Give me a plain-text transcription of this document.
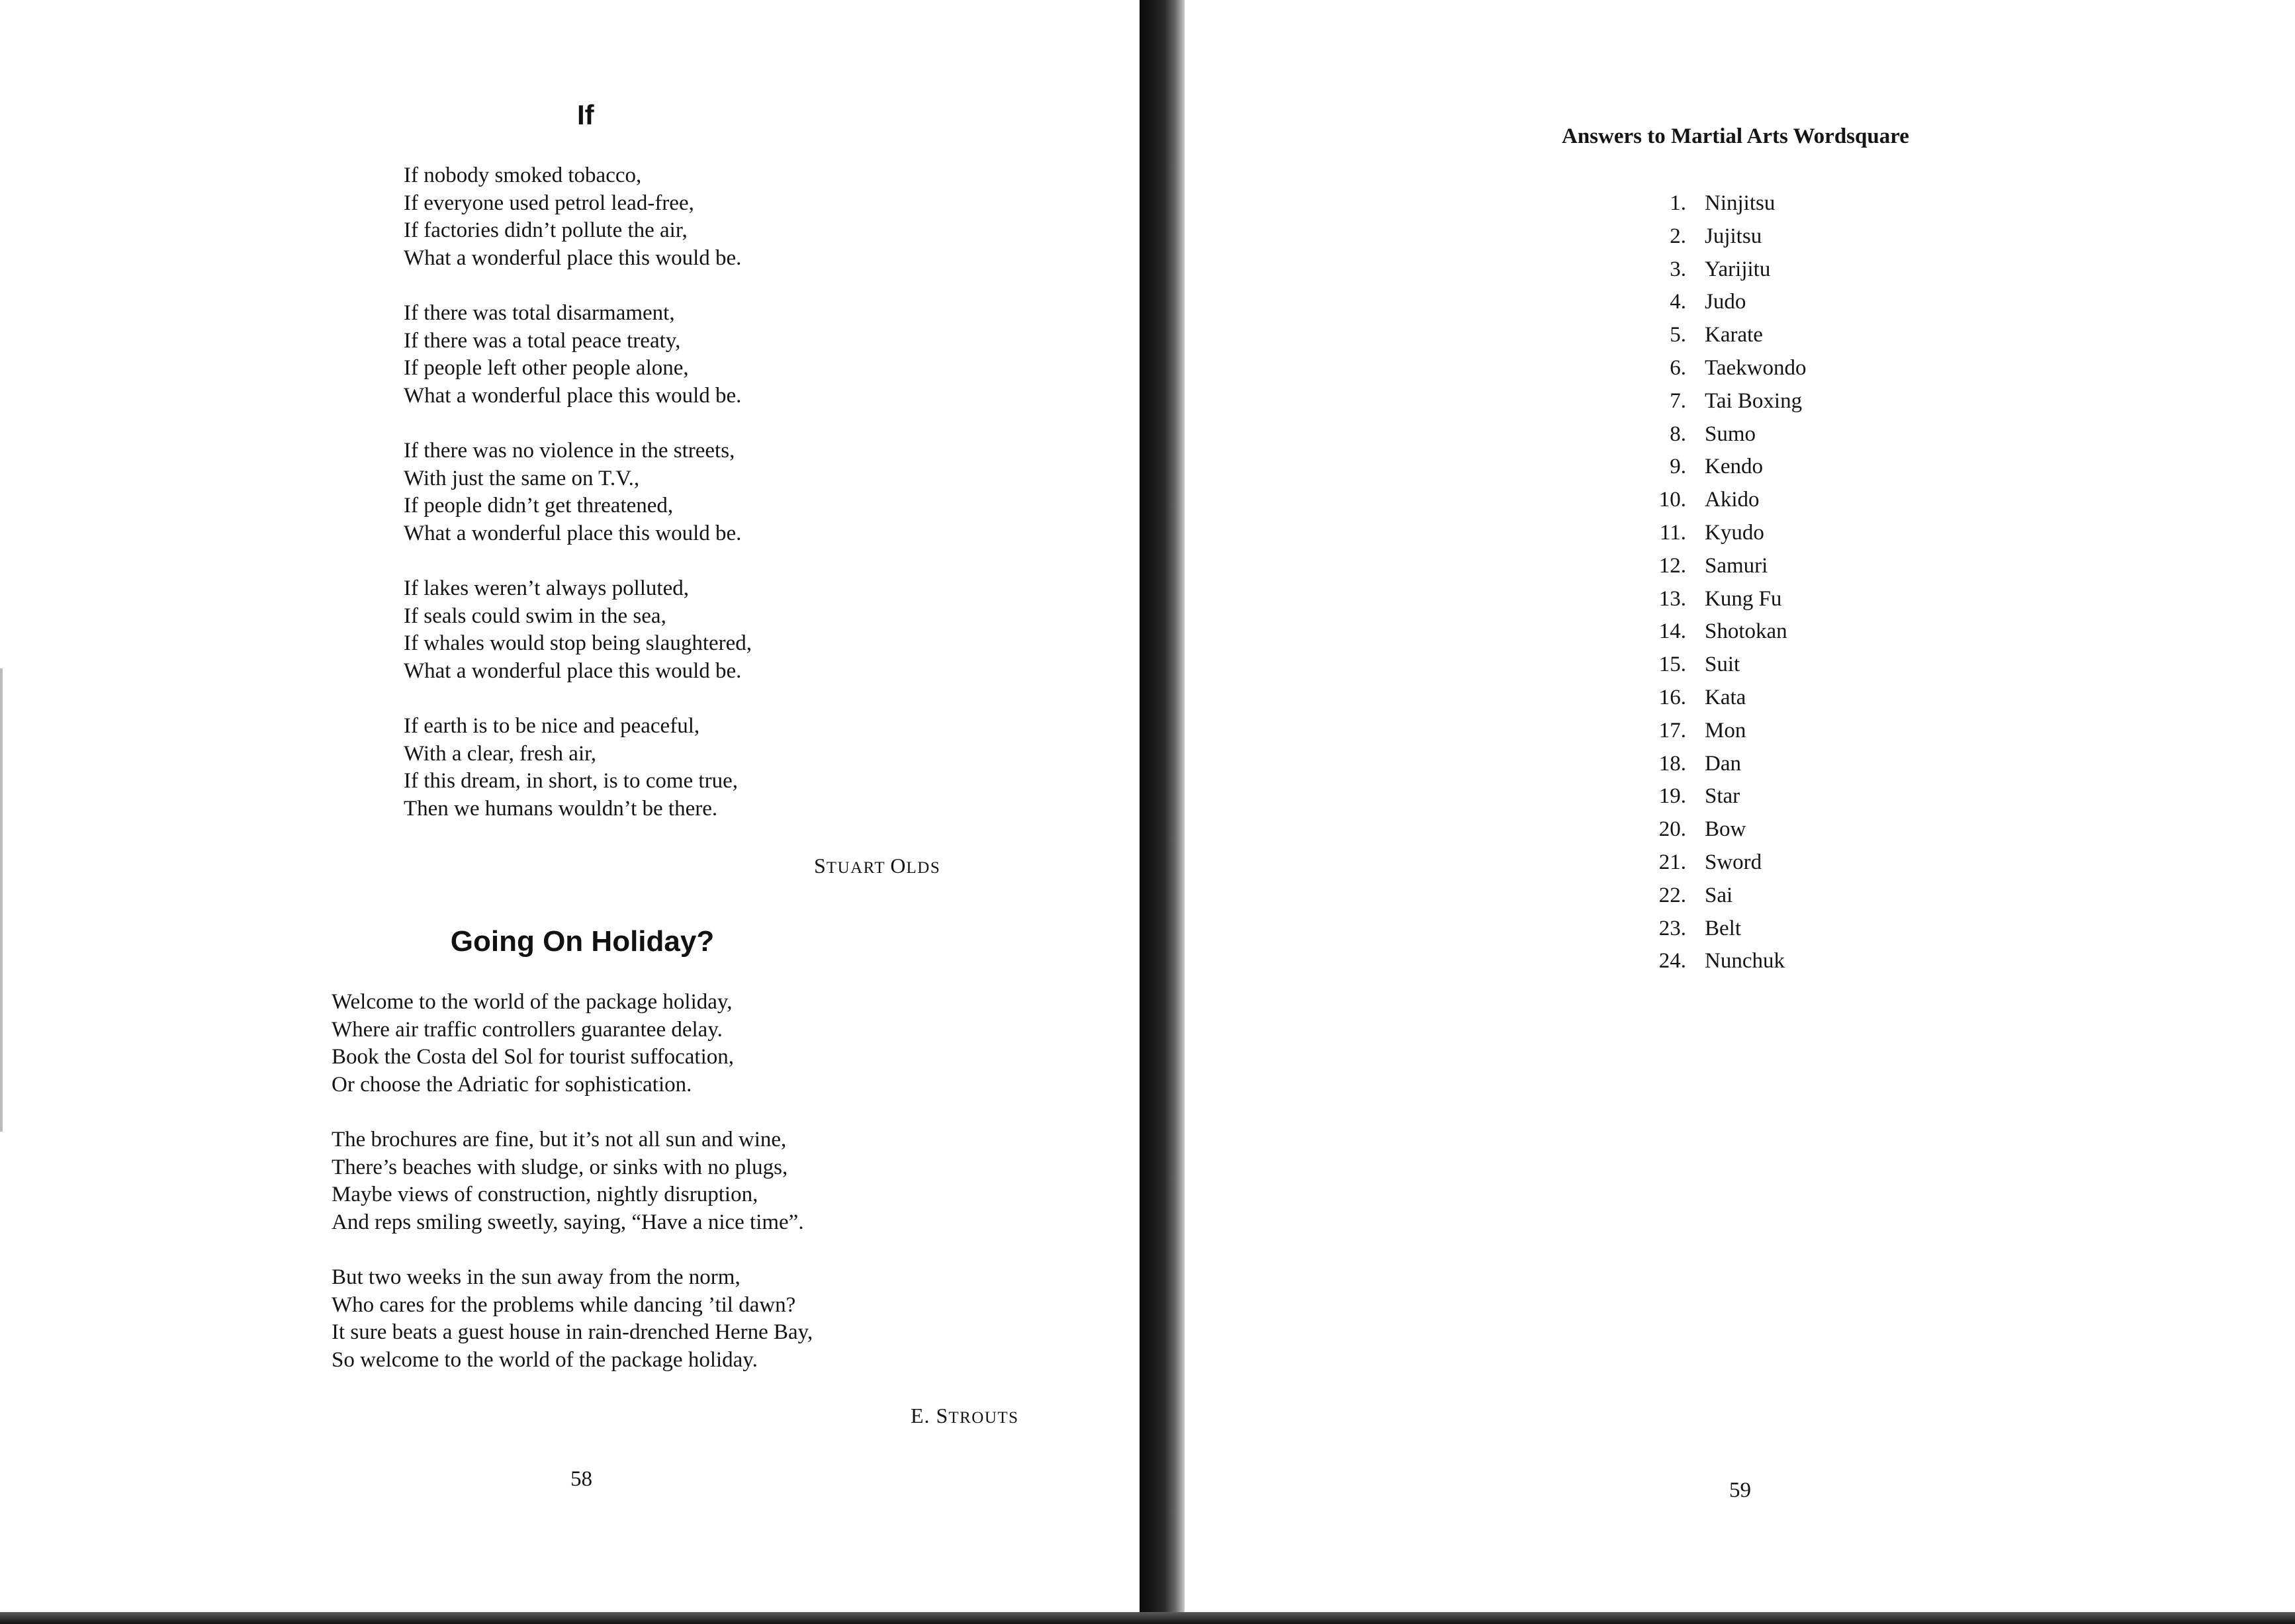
If

If nobody smoked tobacco,
If everyone used petrol lead-free,
If factories didn’t pollute the air,
What a wonderful place this would be.

If there was total disarmament,
If there was a total peace treaty,
If people left other people alone,
What a wonderful place this would be.

If there was no violence in the streets,
With just the same on T.V.,
If people didn’t get threatened,
What a wonderful place this would be.

If lakes weren’t always polluted,
If seals could swim in the sea,
If whales would stop being slaughtered,
What a wonderful place this would be.

If earth is to be nice and peaceful,
With a clear, fresh air,
If this dream, in short, is to come true,
Then we humans wouldn’t be there.

STUART OLDS

Going On Holiday?

Welcome to the world of the package holiday,
Where air traffic controllers guarantee delay.
Book the Costa del Sol for tourist suffocation,
Or choose the Adriatic for sophistication.

The brochures are fine, but it’s not all sun and wine,
There’s beaches with sludge, or sinks with no plugs,
Maybe views of construction, nightly disruption,
And reps smiling sweetly, saying, “Have a nice time”.

But two weeks in the sun away from the norm,
Who cares for the problems while dancing ’til dawn?
It sure beats a guest house in rain-drenched Herne Bay,
So welcome to the world of the package holiday.

E. STROUTS

58

Answers to Martial Arts Wordsquare
1. Ninjitsu
2. Jujitsu
3. Yarijitu
4. Judo
5. Karate
6. Taekwondo
7. Tai Boxing
8. Sumo
9. Kendo
10. Akido
11. Kyudo
12. Samuri
13. Kung Fu
14. Shotokan
15. Suit
16. Kata
17. Mon
18. Dan
19. Star
20. Bow
21. Sword
22. Sai
23. Belt
24. Nunchuk

59
